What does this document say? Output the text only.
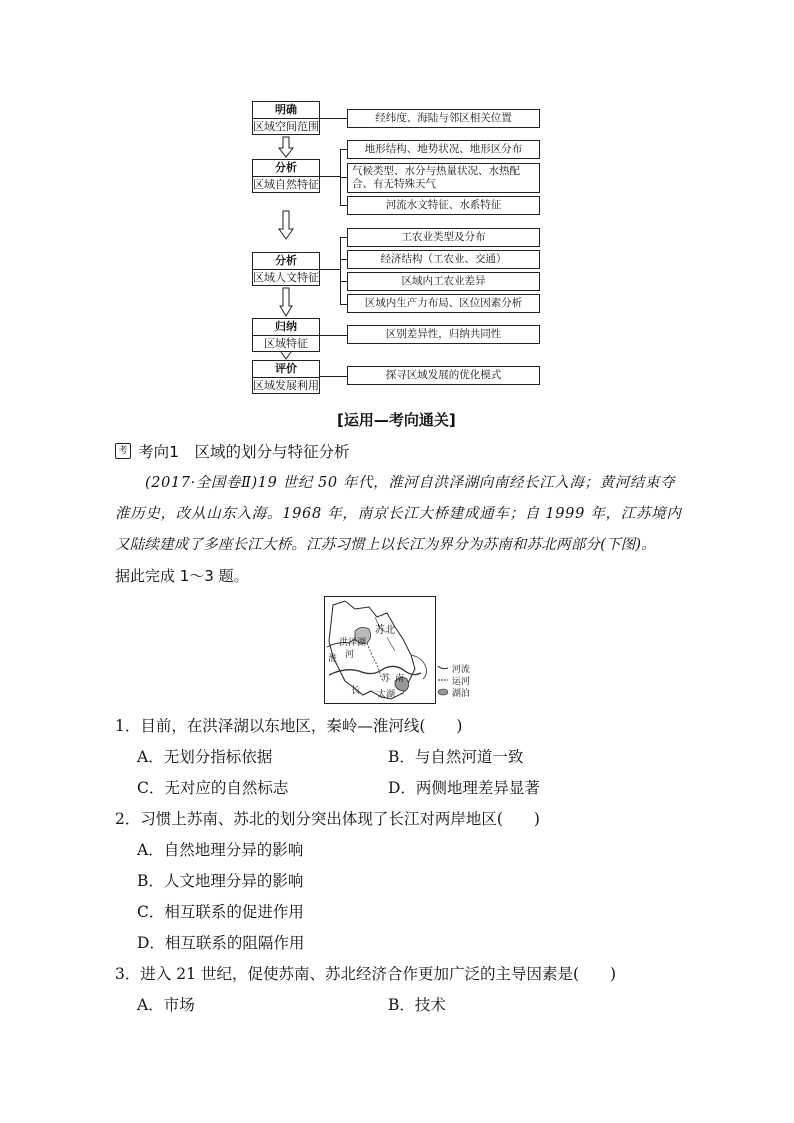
明确
区域空间范围
分析
区域自然特征
分析
区域人文特征
归纳
区域特征
评价
区域发展利用
经纬度、海陆与邻区相关位置
地形结构、地势状况、地形区分布
气候类型、水分与热量状况、水热配合、有无特殊天气
河流水文特征、水系特征
工农业类型及分布
经济结构（工农业、交通）
区域内工农业差异
区域内生产力布局、区位因素分析
区别差异性，归纳共同性
探寻区域发展的优化模式
[运用—考向通关]
考 考向1　区域的划分与特征分析
(2017·全国卷Ⅱ)19 世纪 50 年代，淮河自洪泽湖向南经长江入海；黄河结束夺
淮历史，改从山东入海。1968 年，南京长江大桥建成通车；自 1999 年，江苏境内
又陆续建成了多座长江大桥。江苏习惯上以长江为界分为苏南和苏北两部分(下图)。
据此完成 1～3 题。
苏北
洪泽湖
淮 河
长
苏 南
太湖
河流
运河
湖泊
1．目前，在洪泽湖以东地区，秦岭—淮河线(　　)
A．无划分指标依据	B．与自然河道一致
C．无对应的自然标志	D．两侧地理差异显著
2．习惯上苏南、苏北的划分突出体现了长江对两岸地区(　　)
A．自然地理分异的影响
B．人文地理分异的影响
C．相互联系的促进作用
D．相互联系的阻隔作用
3．进入 21 世纪，促使苏南、苏北经济合作更加广泛的主导因素是(　　)
A．市场	B．技术
